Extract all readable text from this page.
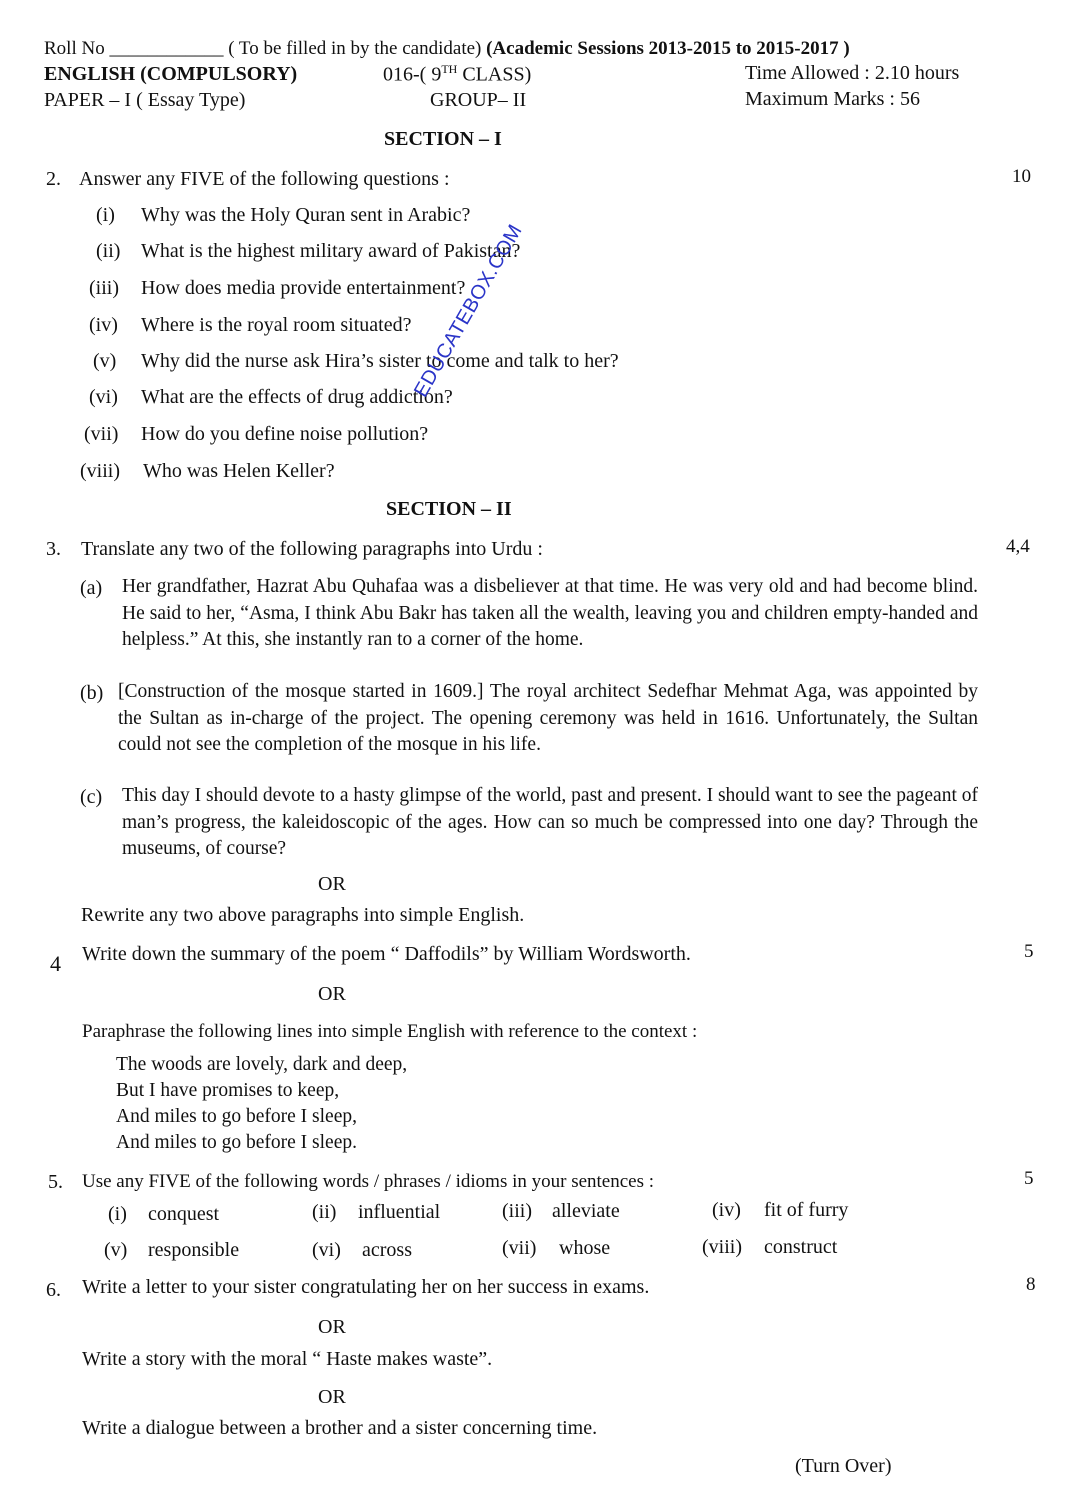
Roll No ____________ ( To be filled in by the candidate) (Academic Sessions 2013-2015 to 2015-2017 )
ENGLISH (COMPULSORY)	016-( 9TH CLASS)	Time Allowed : 2.10 hours
PAPER – I ( Essay Type)	GROUP– II	Maximum Marks : 56
SECTION – I
2. Answer any FIVE of the following questions :	10
(i) Why was the Holy Quran sent in Arabic?
(ii) What is the highest military award of Pakistan?
(iii) How does media provide entertainment?
(iv) Where is the royal room situated?
(v) Why did the nurse ask Hira’s sister to come and talk to her?
(vi) What are the effects of drug addiction?
(vii) How do you define noise pollution?
(viii) Who was Helen Keller?
EDUCATEBOX.COM
SECTION – II
3. Translate any two of the following paragraphs into Urdu :	4,4
(a) Her grandfather, Hazrat Abu Quhafaa was a disbeliever at that time. He was very old and had become blind. He said to her, “Asma, I think Abu Bakr has taken all the wealth, leaving you and children empty-handed and helpless.” At this, she instantly ran to a corner of the home.
(b) [Construction of the mosque started in 1609.] The royal architect Sedefhar Mehmat Aga, was appointed by the Sultan as in-charge of the project. The opening ceremony was held in 1616. Unfortunately, the Sultan could not see the completion of the mosque in his life.
(c) This day I should devote to a hasty glimpse of the world, past and present. I should want to see the pageant of man’s progress, the kaleidoscopic of the ages. How can so much be compressed into one day? Through the museums, of course?
OR
Rewrite any two above paragraphs into simple English.
4 Write down the summary of the poem “ Daffodils” by William Wordsworth.	5
OR
Paraphrase the following lines into simple English with reference to the context :
The woods are lovely, dark and deep,
But I have promises to keep,
And miles to go before I sleep,
And miles to go before I sleep.
5. Use any FIVE of the following words / phrases / idioms in your sentences :	5
(i) conquest	(ii) influential	(iii) alleviate	(iv) fit of furry
(v) responsible	(vi) across	(vii) whose	(viii) construct
6. Write a letter to your sister congratulating her on her success in exams.	8
OR
Write a story with the moral “ Haste makes waste”.
OR
Write a dialogue between a brother and a sister concerning time.
(Turn Over)
